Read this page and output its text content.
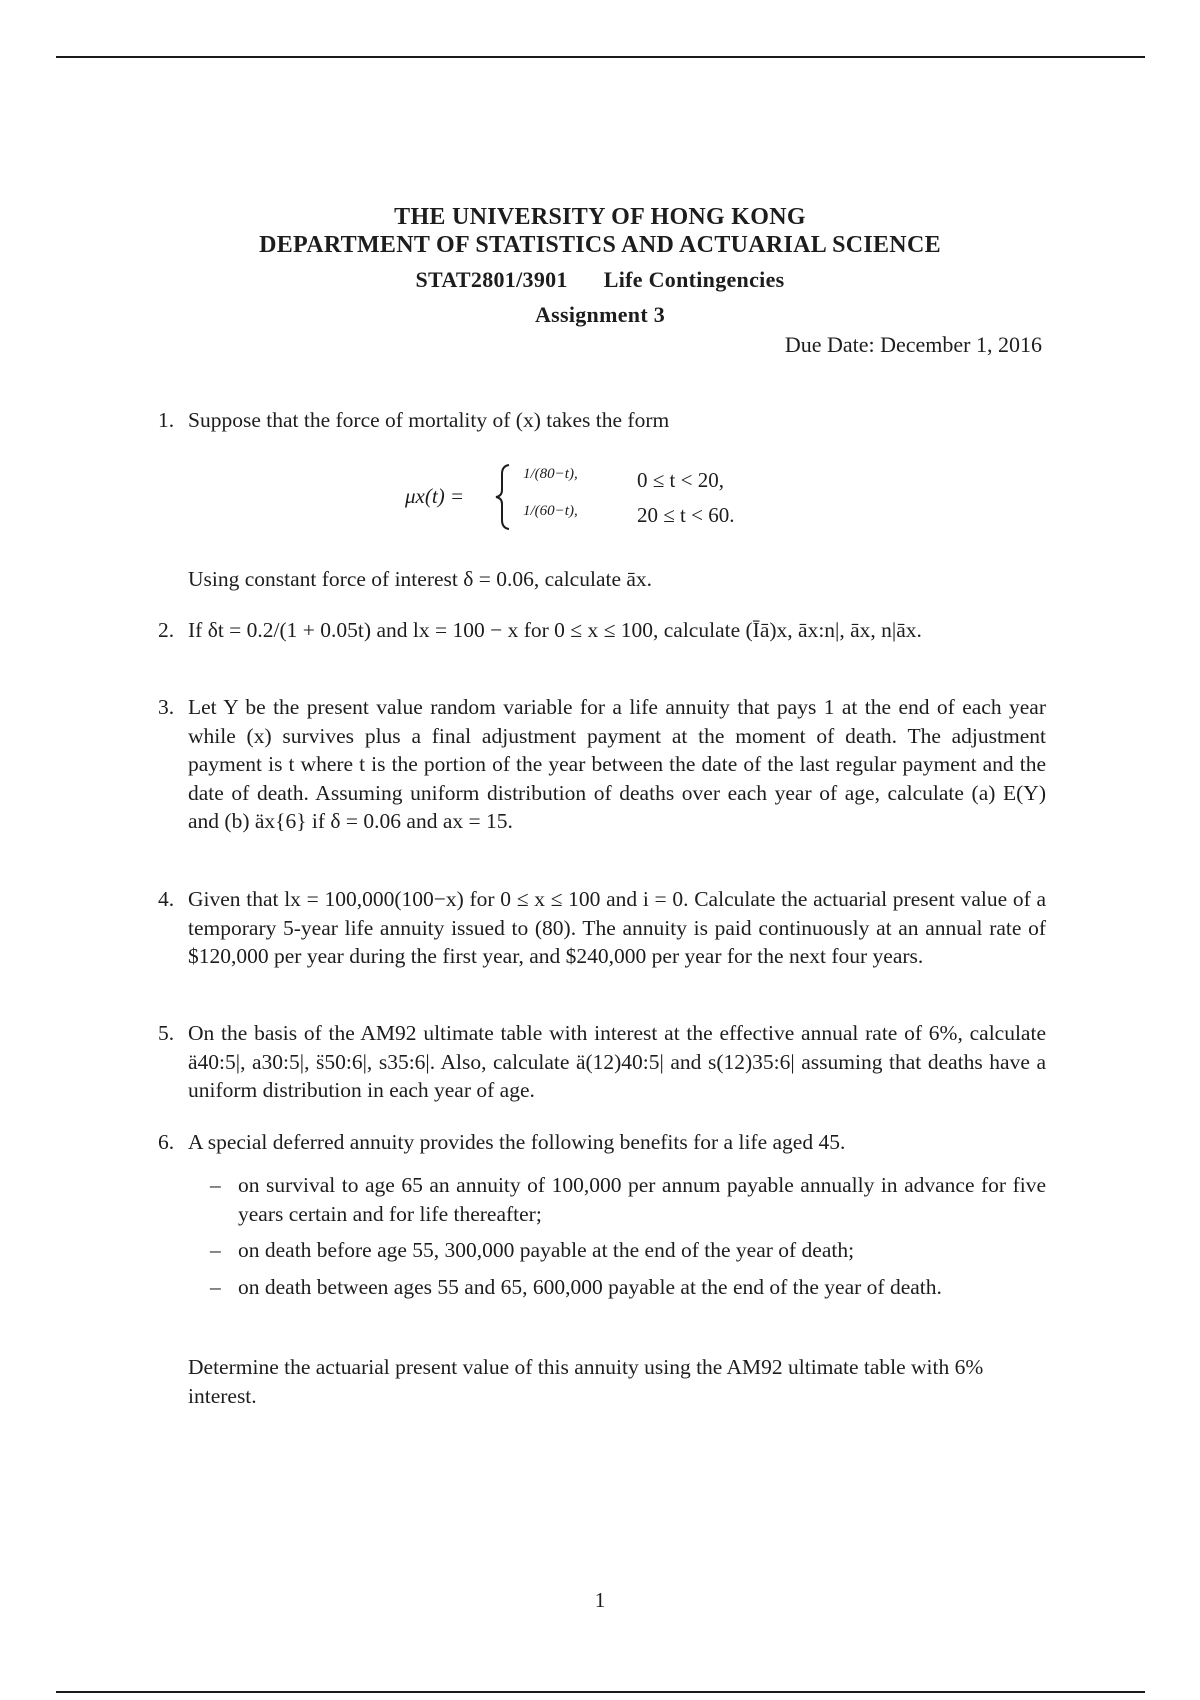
THE UNIVERSITY OF HONG KONG
DEPARTMENT OF STATISTICS AND ACTUARIAL SCIENCE
STAT2801/3901 Life Contingencies
Assignment 3
Due Date: December 1, 2016
1. Suppose that the force of mortality of (x) takes the form
μx(t) =
1/(80−t),	0 ≤ t < 20,
1/(60−t),	20 ≤ t < 60.
Using constant force of interest δ = 0.06, calculate āx.
2. If δt = 0.2/(1 + 0.05t) and lx = 100 − x for 0 ≤ x ≤ 100, calculate (Īā)x, āx:n|, āx, n|āx.
3. Let Y be the present value random variable for a life annuity that pays 1 at the end of each year while (x) survives plus a final adjustment payment at the moment of death. The adjustment payment is t where t is the portion of the year between the date of the last regular payment and the date of death. Assuming uniform distribution of deaths over each year of age, calculate (a) E(Y) and (b) äx{6} if δ = 0.06 and ax = 15.
4. Given that lx = 100,000(100−x) for 0 ≤ x ≤ 100 and i = 0. Calculate the actuarial present value of a temporary 5-year life annuity issued to (80). The annuity is paid continuously at an annual rate of $120,000 per year during the first year, and $240,000 per year for the next four years.
5. On the basis of the AM92 ultimate table with interest at the effective annual rate of 6%, calculate ä40:5|, a30:5|, s̈50:6|, s35:6|. Also, calculate ä(12)40:5| and s(12)35:6| assuming that deaths have a uniform distribution in each year of age.
6. A special deferred annuity provides the following benefits for a life aged 45.
– on survival to age 65 an annuity of 100,000 per annum payable annually in advance for five years certain and for life thereafter;
– on death before age 55, 300,000 payable at the end of the year of death;
– on death between ages 55 and 65, 600,000 payable at the end of the year of death.
Determine the actuarial present value of this annuity using the AM92 ultimate table with 6% interest.
1
